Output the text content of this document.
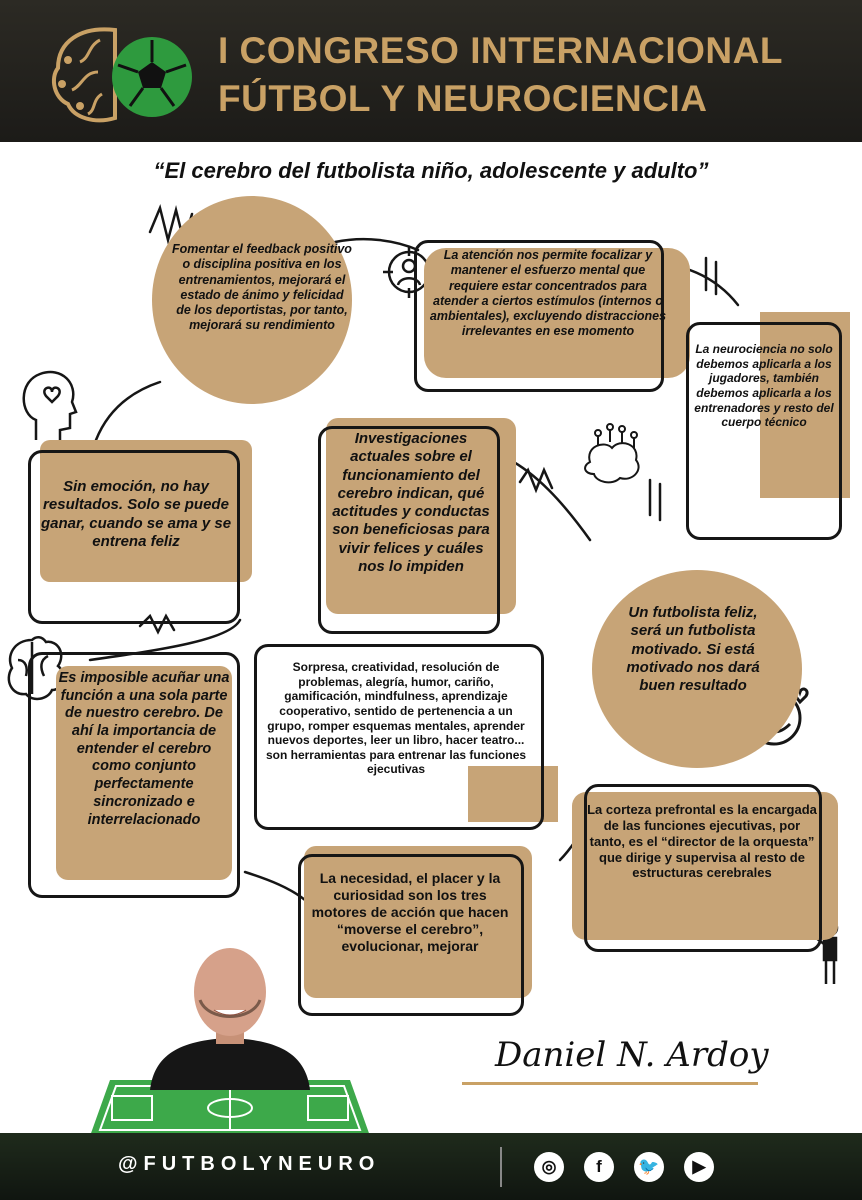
I CONGRESO INTERNACIONAL
FÚTBOL Y NEUROCIENCIA
“El cerebro del futbolista niño, adolescente y adulto”
Fomentar el feedback positivo o disciplina positiva en los entrenamientos, mejorará el estado de ánimo y felicidad de los deportistas, por tanto, mejorará su rendimiento
La atención nos permite focalizar y mantener el esfuerzo mental que requiere estar concentrados para atender a ciertos estímulos (internos o ambientales), excluyendo distracciones irrelevantes en ese momento
La neurociencia no solo debemos aplicarla a los jugadores, también debemos aplicarla a los entrenadores y resto del cuerpo técnico
Sin emoción, no hay resultados. Solo se puede ganar, cuando se ama y se entrena feliz
Investigaciones actuales sobre el funcionamiento del cerebro indican, qué actitudes y conductas son beneficiosas para vivir felices y cuáles nos lo impiden
Un futbolista feliz, será un futbolista motivado. Si está motivado nos dará buen resultado
Es imposible acuñar una función a una sola parte de nuestro cerebro. De ahí la importancia de entender el cerebro como conjunto perfectamente sincronizado e interrelacionado
Sorpresa, creatividad, resolución de problemas, alegría, humor, cariño, gamificación, mindfulness, aprendizaje cooperativo, sentido de pertenencia a un grupo, romper esquemas mentales, aprender nuevos deportes, leer un libro, hacer teatro... son herramientas para entrenar las funciones ejecutivas
La corteza prefrontal es la encargada de las funciones ejecutivas, por tanto, es el “director de la orquesta” que dirige y supervisa al resto de estructuras cerebrales
La necesidad, el placer y la curiosidad son los tres motores de acción que hacen “moverse el cerebro”, evolucionar, mejorar
Daniel N. Ardoy
@FUTBOLYNEURO	◎	f	🐦	▶
